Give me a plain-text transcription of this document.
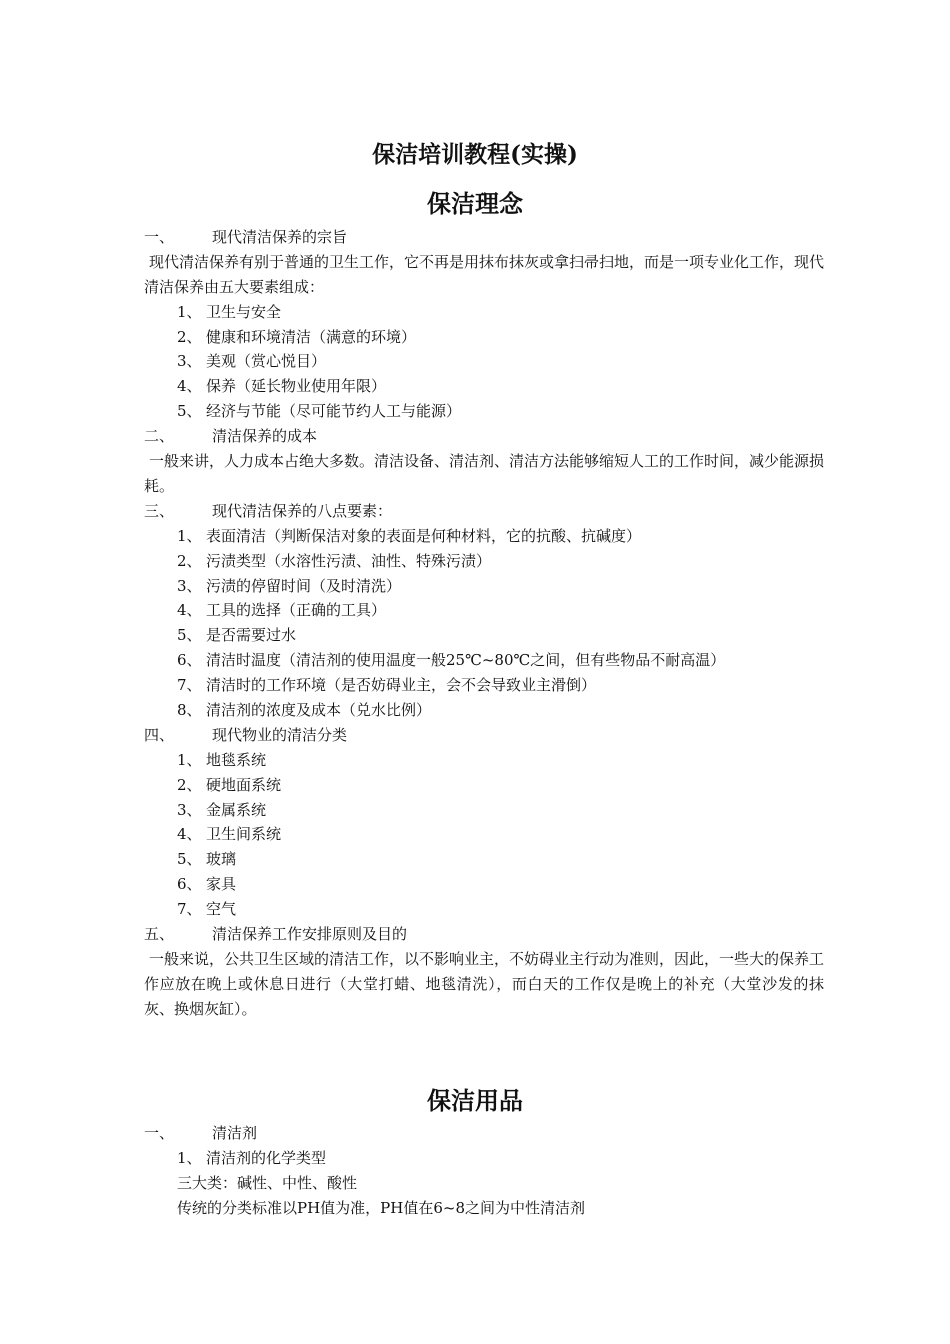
保洁培训教程(实操)
保洁理念
一、	现代清洁保养的宗旨
现代清洁保养有别于普通的卫生工作，它不再是用抹布抹灰或拿扫帚扫地，而是一项专业化工作，现代清洁保养由五大要素组成：
1、 卫生与安全
2、 健康和环境清洁（满意的环境）
3、 美观（赏心悦目）
4、 保养（延长物业使用年限）
5、 经济与节能（尽可能节约人工与能源）
二、	清洁保养的成本
一般来讲，人力成本占绝大多数。清洁设备、清洁剂、清洁方法能够缩短人工的工作时间，减少能源损耗。
三、	现代清洁保养的八点要素：
1、 表面清洁（判断保洁对象的表面是何种材料，它的抗酸、抗碱度）
2、 污渍类型（水溶性污渍、油性、特殊污渍）
3、 污渍的停留时间（及时清洗）
4、 工具的选择（正确的工具）
5、 是否需要过水
6、 清洁时温度（清洁剂的使用温度一般25℃~80℃之间，但有些物品不耐高温）
7、 清洁时的工作环境（是否妨碍业主，会不会导致业主滑倒）
8、 清洁剂的浓度及成本（兑水比例）
四、	现代物业的清洁分类
1、 地毯系统
2、 硬地面系统
3、 金属系统
4、 卫生间系统
5、 玻璃
6、 家具
7、 空气
五、	清洁保养工作安排原则及目的
一般来说，公共卫生区域的清洁工作，以不影响业主，不妨碍业主行动为准则，因此，一些大的保养工作应放在晚上或休息日进行（大堂打蜡、地毯清洗），而白天的工作仅是晚上的补充（大堂沙发的抹灰、换烟灰缸）。
保洁用品
一、	清洁剂
1、 清洁剂的化学类型
三大类：碱性、中性、酸性
传统的分类标准以PH值为准，PH值在6~8之间为中性清洁剂
